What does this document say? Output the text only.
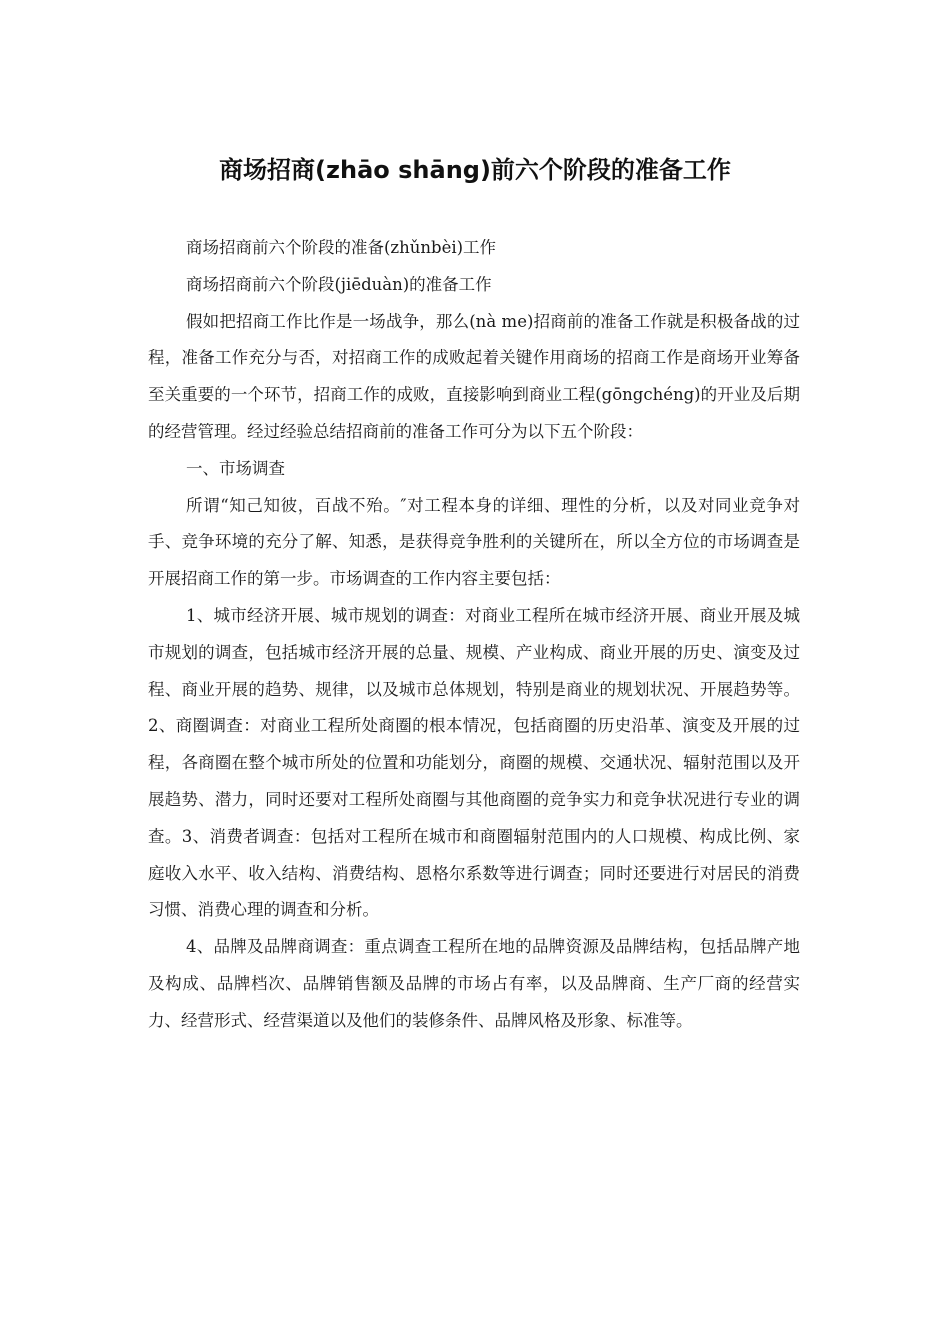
商场招商(zhāo shāng)前六个阶段的准备工作

商场招商前六个阶段的准备(zhǔnbèi)工作

商场招商前六个阶段(jiēduàn)的准备工作

假如把招商工作比作是一场战争，那么(nà me)招商前的准备工作就是积极备战的过程，准备工作充分与否，对招商工作的成败起着关键作用商场的招商工作是商场开业筹备至关重要的一个环节，招商工作的成败，直接影响到商业工程(gōngchéng)的开业及后期的经营管理。经过经验总结招商前的准备工作可分为以下五个阶段：

一、市场调查

所谓“知己知彼，百战不殆。″对工程本身的详细、理性的分析，以及对同业竞争对手、竞争环境的充分了解、知悉，是获得竞争胜利的关键所在，所以全方位的市场调查是开展招商工作的第一步。市场调查的工作内容主要包括：

1、城市经济开展、城市规划的调查：对商业工程所在城市经济开展、商业开展及城市规划的调查，包括城市经济开展的总量、规模、产业构成、商业开展的历史、演变及过程、商业开展的趋势、规律，以及城市总体规划，特别是商业的规划状况、开展趋势等。2、商圈调查：对商业工程所处商圈的根本情况，包括商圈的历史沿革、演变及开展的过程，各商圈在整个城市所处的位置和功能划分，商圈的规模、交通状况、辐射范围以及开展趋势、潜力，同时还要对工程所处商圈与其他商圈的竞争实力和竞争状况进行专业的调查。3、消费者调查：包括对工程所在城市和商圈辐射范围内的人口规模、构成比例、家庭收入水平、收入结构、消费结构、恩格尔系数等进行调查；同时还要进行对居民的消费习惯、消费心理的调查和分析。

4、品牌及品牌商调查：重点调查工程所在地的品牌资源及品牌结构，包括品牌产地及构成、品牌档次、品牌销售额及品牌的市场占有率，以及品牌商、生产厂商的经营实力、经营形式、经营渠道以及他们的装修条件、品牌风格及形象、标准等。
